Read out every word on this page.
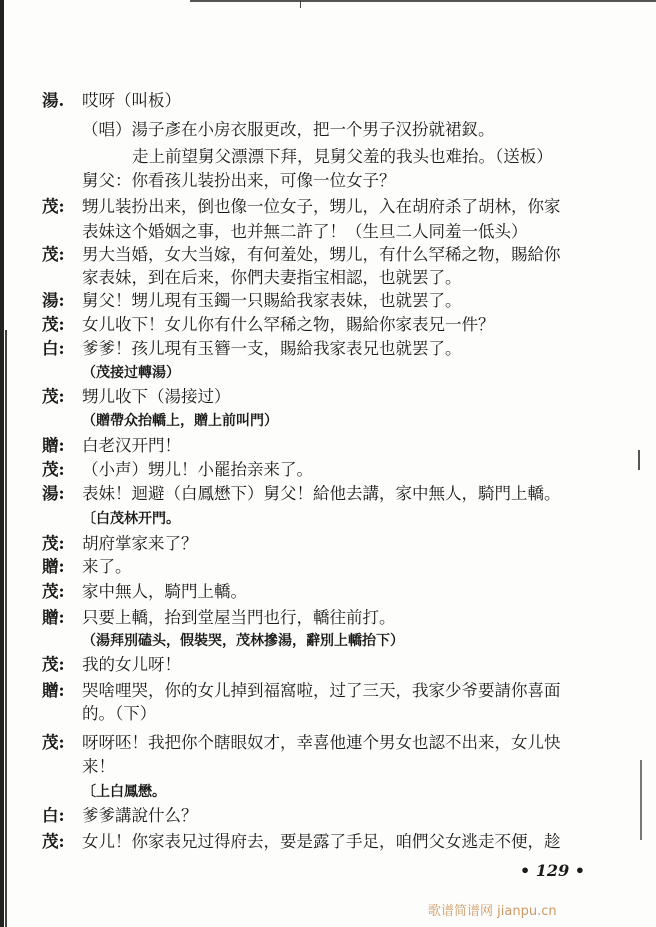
湯. 哎呀（叫板）
（唱）湯子彥在小房衣服更改，把一个男子汉扮就裙釵。
走上前望舅父漂漂下拜，見舅父羞的我头也难抬。（送板）
舅父：你看孩儿装扮出来，可像一位女子？
茂: 甥儿装扮出来，倒也像一位女子，甥儿，入在胡府杀了胡林，你家
表妹这个婚姻之事，也并無二許了！（生旦二人同羞一低头）
茂: 男大当婚，女大当嫁，有何羞处，甥儿，有什么罕稀之物，賜給你
家表妹，到在后来，你們夫妻指宝相認，也就罢了。
湯: 舅父！甥儿現有玉鐲一只賜給我家表妹，也就罢了。
茂: 女儿收下！女儿你有什么罕稀之物，賜給你家表兄一件？
白: 爹爹！孩儿現有玉簪一支，賜給我家表兄也就罢了。
（茂接过轉湯）
茂: 甥儿收下（湯接过）
（贈帶众抬轎上，贈上前叫門）
贈: 白老汉开門！
茂: （小声）甥儿！小罷抬亲来了。
湯: 表妹！迴避（白鳳懋下）舅父！給他去講，家中無人，騎門上轎。
〔白茂林开門。
茂: 胡府掌家来了？
贈: 来了。
茂: 家中無人，騎門上轎。
贈: 只要上轎，抬到堂屋当門也行，轎往前打。
（湯拜別磕头，假裝哭，茂林摻湯，辭別上轎抬下）
茂: 我的女儿呀！
贈: 哭啥哩哭，你的女儿掉到福窩啦，过了三天，我家少爷要請你喜面
的。（下）
茂: 呀呀呸！我把你个瞎眼奴才，幸喜他連个男女也認不出来，女儿快
来！
〔上白鳳懋。
白: 爹爹講說什么？
茂: 女儿！你家表兄过得府去，要是露了手足，咱們父女逃走不便，趁
• 129 •
歌谱简谱网 jianpu.cn
